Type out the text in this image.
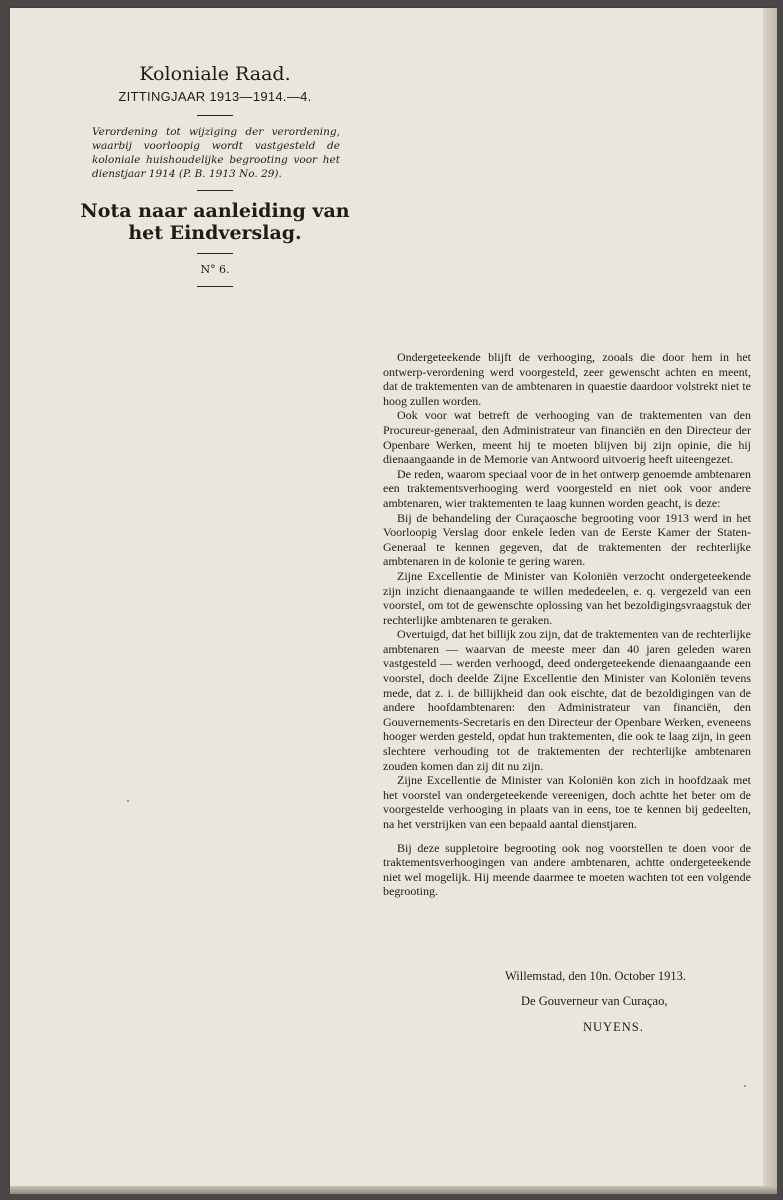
Koloniale Raad.

ZITTINGJAAR 1913—1914.—4.

Verordening tot wijziging der verordening, waarbij voorloopig wordt vastgesteld de koloniale huishoudelijke begrooting voor het dienstjaar 1914 (P. B. 1913 No. 29).

Nota naar aanleiding van

het Eindverslag.

N° 6.

Ondergeteekende blijft de verhooging, zooals die door hem in het ontwerp-verordening werd voorgesteld, zeer gewenscht achten en meent, dat de traktementen van de ambtenaren in quaestie daardoor volstrekt niet te hoog zullen worden.

Ook voor wat betreft de verhooging van de traktementen van den Procureur-generaal, den Administrateur van financiën en den Directeur der Openbare Werken, meent hij te moeten blijven bij zijn opinie, die hij dienaangaande in de Memorie van Antwoord uitvoerig heeft uiteengezet.

De reden, waarom speciaal voor de in het ontwerp genoemde ambtenaren een traktementsverhooging werd voorgesteld en niet ook voor andere ambtenaren, wier traktementen te laag kunnen worden geacht, is deze:

Bij de behandeling der Curaçaosche begrooting voor 1913 werd in het Voorloopig Verslag door enkele leden van de Eerste Kamer der Staten-Generaal te kennen gegeven, dat de traktementen der rechterlijke ambtenaren in de kolonie te gering waren.

Zijne Excellentie de Minister van Koloniën verzocht ondergeteekende zijn inzicht dienaangaande te willen mededeelen, e. q. vergezeld van een voorstel, om tot de gewenschte oplossing van het bezoldigingsvraagstuk der rechterlijke ambtenaren te geraken.

Overtuigd, dat het billijk zou zijn, dat de traktementen van de rechterlijke ambtenaren — waarvan de meeste meer dan 40 jaren geleden waren vastgesteld — werden verhoogd, deed ondergeteekende dienaangaande een voorstel, doch deelde Zijne Excellentie den Minister van Koloniën tevens mede, dat z. i. de billijkheid dan ook eischte, dat de bezoldigingen van de andere hoofdambtenaren: den Administrateur van financiën, den Gouvernements-Secretaris en den Directeur der Openbare Werken, eveneens hooger werden gesteld, opdat hun traktementen, die ook te laag zijn, in geen slechtere verhouding tot de traktementen der rechterlijke ambtenaren zouden komen dan zij dit nu zijn.

Zijne Excellentie de Minister van Koloniën kon zich in hoofdzaak met het voorstel van ondergeteekende vereenigen, doch achtte het beter om de voorgestelde verhooging in plaats van in eens, toe te kennen bij gedeelten, na het verstrijken van een bepaald aantal dienstjaren.

Bij deze suppletoire begrooting ook nog voorstellen te doen voor de traktementsverhoogingen van andere ambtenaren, achtte ondergeteekende niet wel mogelijk. Hij meende daarmee te moeten wachten tot een volgende begrooting.

Willemstad, den 10n. October 1913.
De Gouverneur van Curaçao,
NUYENS.
